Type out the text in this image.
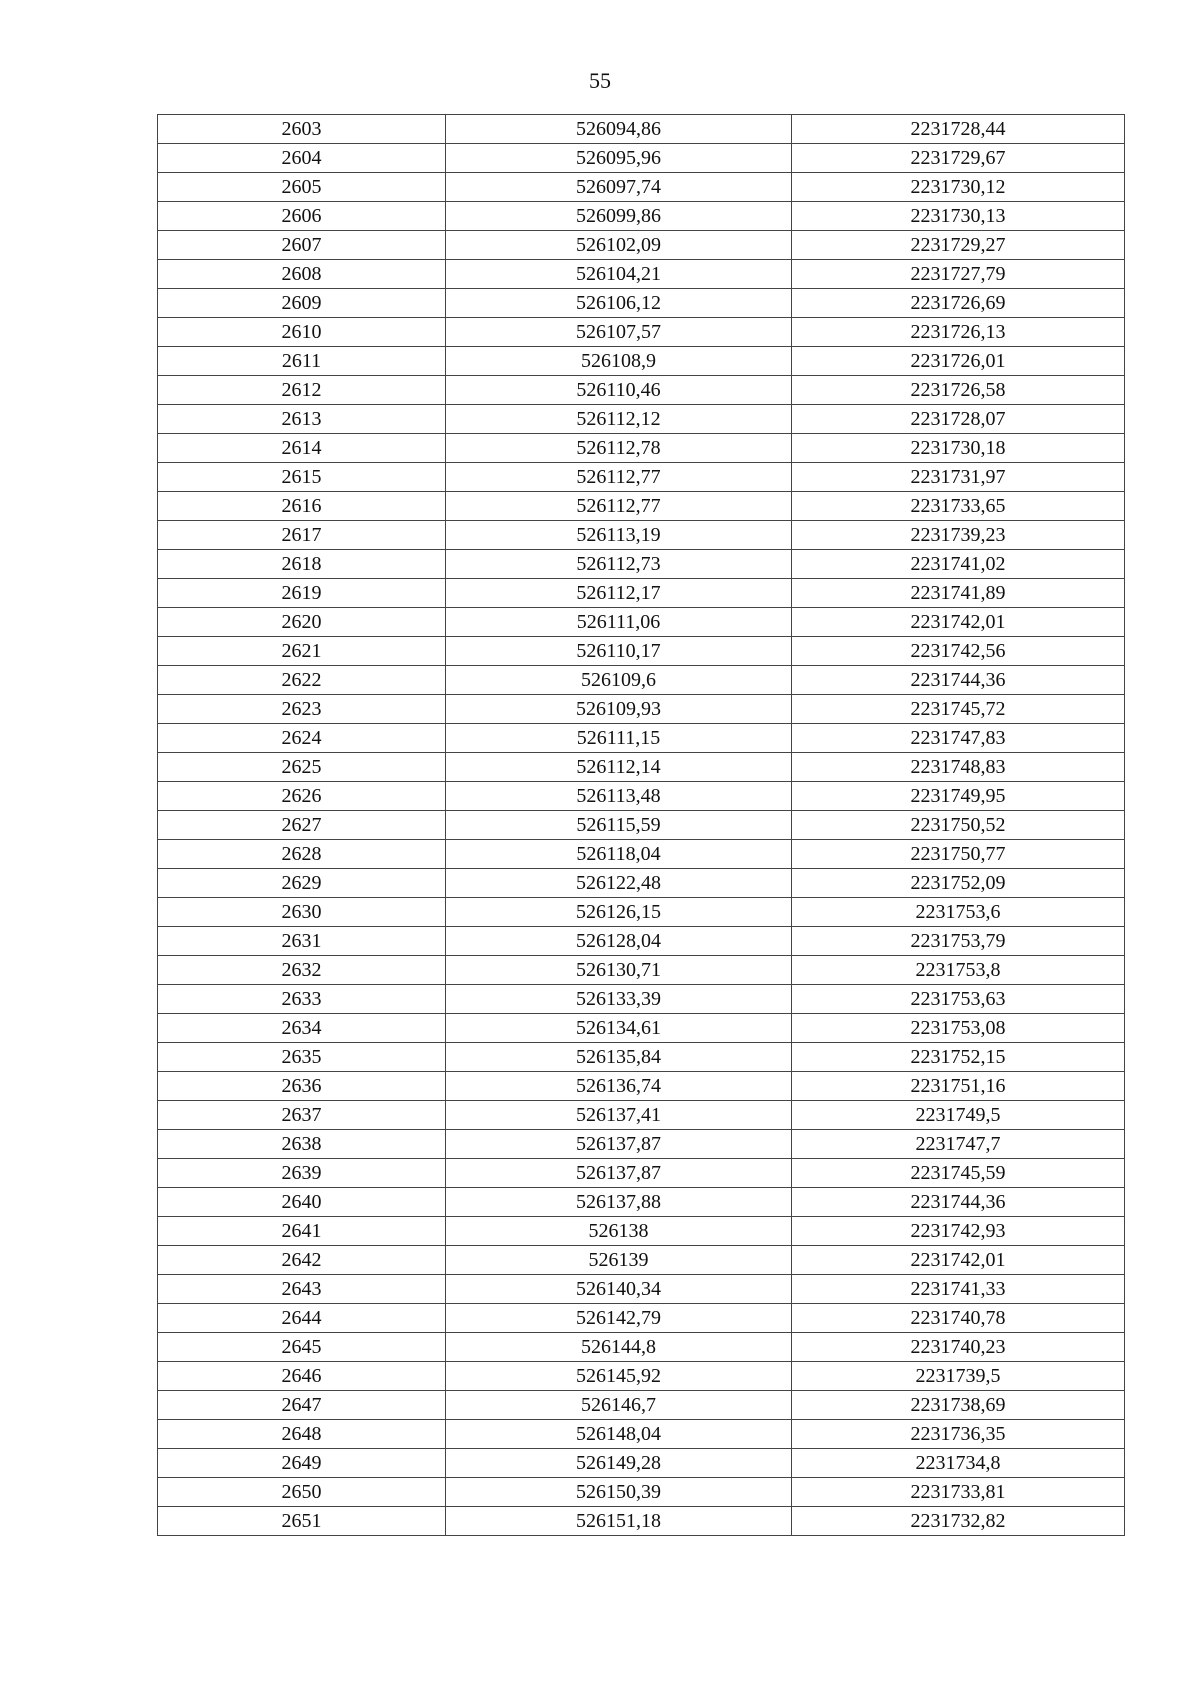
55
2603	526094,86	2231728,44
2604	526095,96	2231729,67
2605	526097,74	2231730,12
2606	526099,86	2231730,13
2607	526102,09	2231729,27
2608	526104,21	2231727,79
2609	526106,12	2231726,69
2610	526107,57	2231726,13
2611	526108,9	2231726,01
2612	526110,46	2231726,58
2613	526112,12	2231728,07
2614	526112,78	2231730,18
2615	526112,77	2231731,97
2616	526112,77	2231733,65
2617	526113,19	2231739,23
2618	526112,73	2231741,02
2619	526112,17	2231741,89
2620	526111,06	2231742,01
2621	526110,17	2231742,56
2622	526109,6	2231744,36
2623	526109,93	2231745,72
2624	526111,15	2231747,83
2625	526112,14	2231748,83
2626	526113,48	2231749,95
2627	526115,59	2231750,52
2628	526118,04	2231750,77
2629	526122,48	2231752,09
2630	526126,15	2231753,6
2631	526128,04	2231753,79
2632	526130,71	2231753,8
2633	526133,39	2231753,63
2634	526134,61	2231753,08
2635	526135,84	2231752,15
2636	526136,74	2231751,16
2637	526137,41	2231749,5
2638	526137,87	2231747,7
2639	526137,87	2231745,59
2640	526137,88	2231744,36
2641	526138	2231742,93
2642	526139	2231742,01
2643	526140,34	2231741,33
2644	526142,79	2231740,78
2645	526144,8	2231740,23
2646	526145,92	2231739,5
2647	526146,7	2231738,69
2648	526148,04	2231736,35
2649	526149,28	2231734,8
2650	526150,39	2231733,81
2651	526151,18	2231732,82
